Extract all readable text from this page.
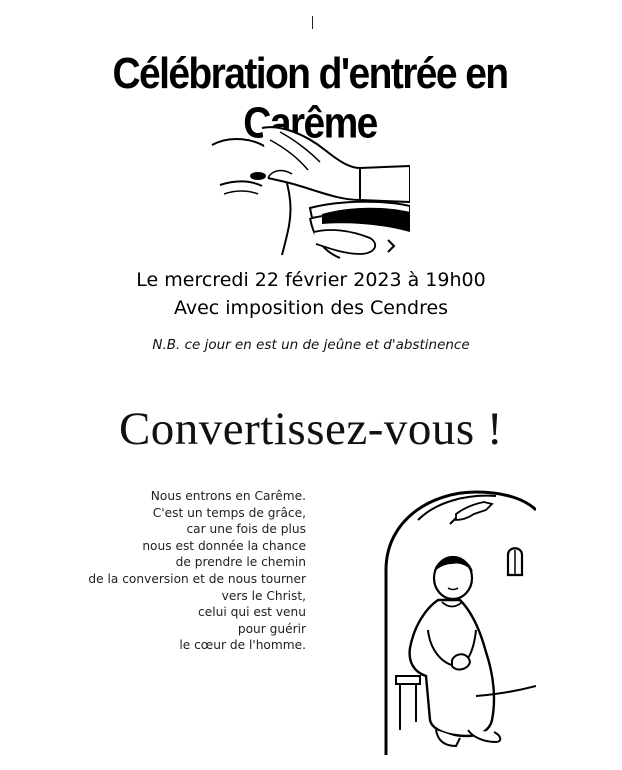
Célébration d'entrée en Carême
Le mercredi 22 février 2023 à 19h00
Avec imposition des Cendres
N.B. ce jour en est un de jeûne et d'abstinence
Convertissez-vous !
Nous entrons en Carême.
C'est un temps de grâce,
car une fois de plus
nous est donnée la chance
de prendre le chemin
de la conversion et de nous tourner
vers le Christ,
celui qui est venu
pour guérir
le cœur de l'homme.
